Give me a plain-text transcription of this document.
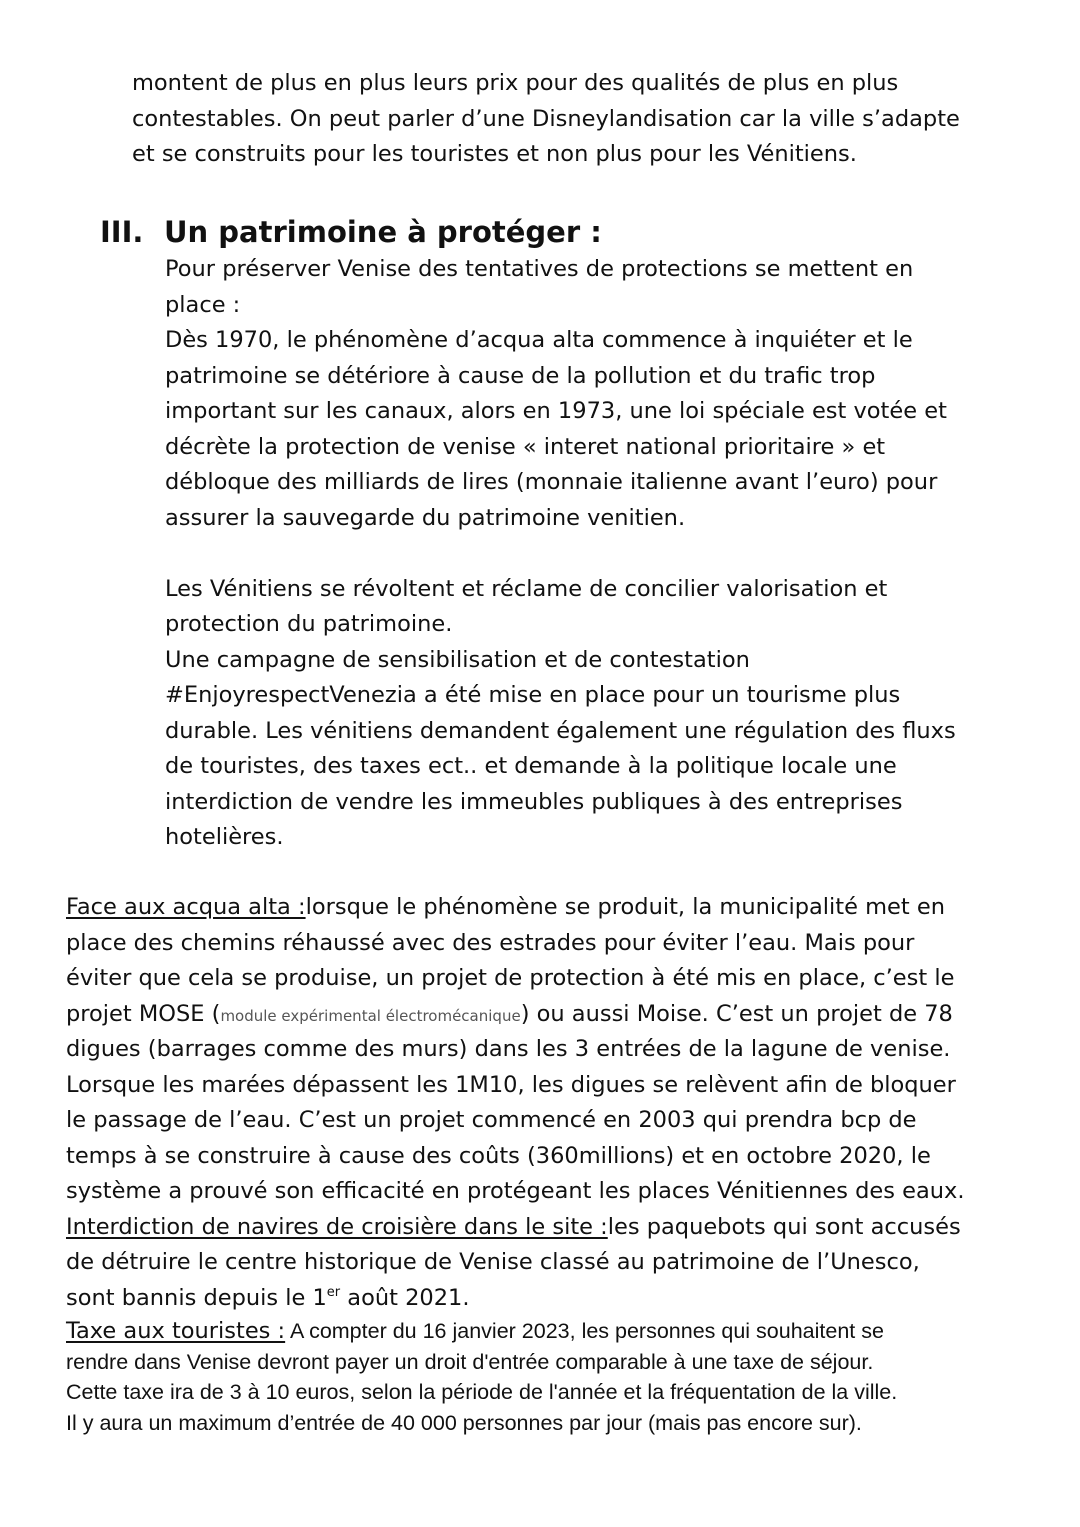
montent de plus en plus leurs prix pour des qualités de plus en plus
contestables. On peut parler d’une Disneylandisation car la ville s’adapte
et se construits pour les touristes et non plus pour les Vénitiens.
III. Un patrimoine à protéger :
Pour préserver Venise des tentatives de protections se mettent en
place :
Dès 1970, le phénomène d’acqua alta commence à inquiéter et le
patrimoine se détériore à cause de la pollution et du trafic trop
important sur les canaux, alors en 1973, une loi spéciale est votée et
décrète la protection de venise « interet national prioritaire » et
débloque des milliards de lires (monnaie italienne avant l’euro) pour
assurer la sauvegarde du patrimoine venitien.
Les Vénitiens se révoltent et réclame de concilier valorisation et
protection du patrimoine.
Une campagne de sensibilisation et de contestation
#EnjoyrespectVenezia a été mise en place pour un tourisme plus
durable. Les vénitiens demandent également une régulation des fluxs
de touristes, des taxes ect.. et demande à la politique locale une
interdiction de vendre les immeubles publiques à des entreprises
hotelières.
Face aux acqua alta :lorsque le phénomène se produit, la municipalité met en
place des chemins réhaussé avec des estrades pour éviter l’eau. Mais pour
éviter que cela se produise, un projet de protection à été mis en place, c’est le
projet MOSE (module expérimental électromécanique) ou aussi Moise. C’est un projet de 78
digues (barrages comme des murs) dans les 3 entrées de la lagune de venise.
Lorsque les marées dépassent les 1M10, les digues se relèvent afin de bloquer
le passage de l’eau. C’est un projet commencé en 2003 qui prendra bcp de
temps à se construire à cause des coûts (360millions) et en octobre 2020, le
système a prouvé son efficacité en protégeant les places Vénitiennes des eaux.
Interdiction de navires de croisière dans le site :les paquebots qui sont accusés
de détruire le centre historique de Venise classé au patrimoine de l’Unesco,
sont bannis depuis le 1er août 2021.
Taxe aux touristes : A compter du 16 janvier 2023, les personnes qui souhaitent se
rendre dans Venise devront payer un droit d'entrée comparable à une taxe de séjour.
Cette taxe ira de 3 à 10 euros, selon la période de l'année et la fréquentation de la ville.
Il y aura un maximum d’entrée de 40 000 personnes par jour (mais pas encore sur).
